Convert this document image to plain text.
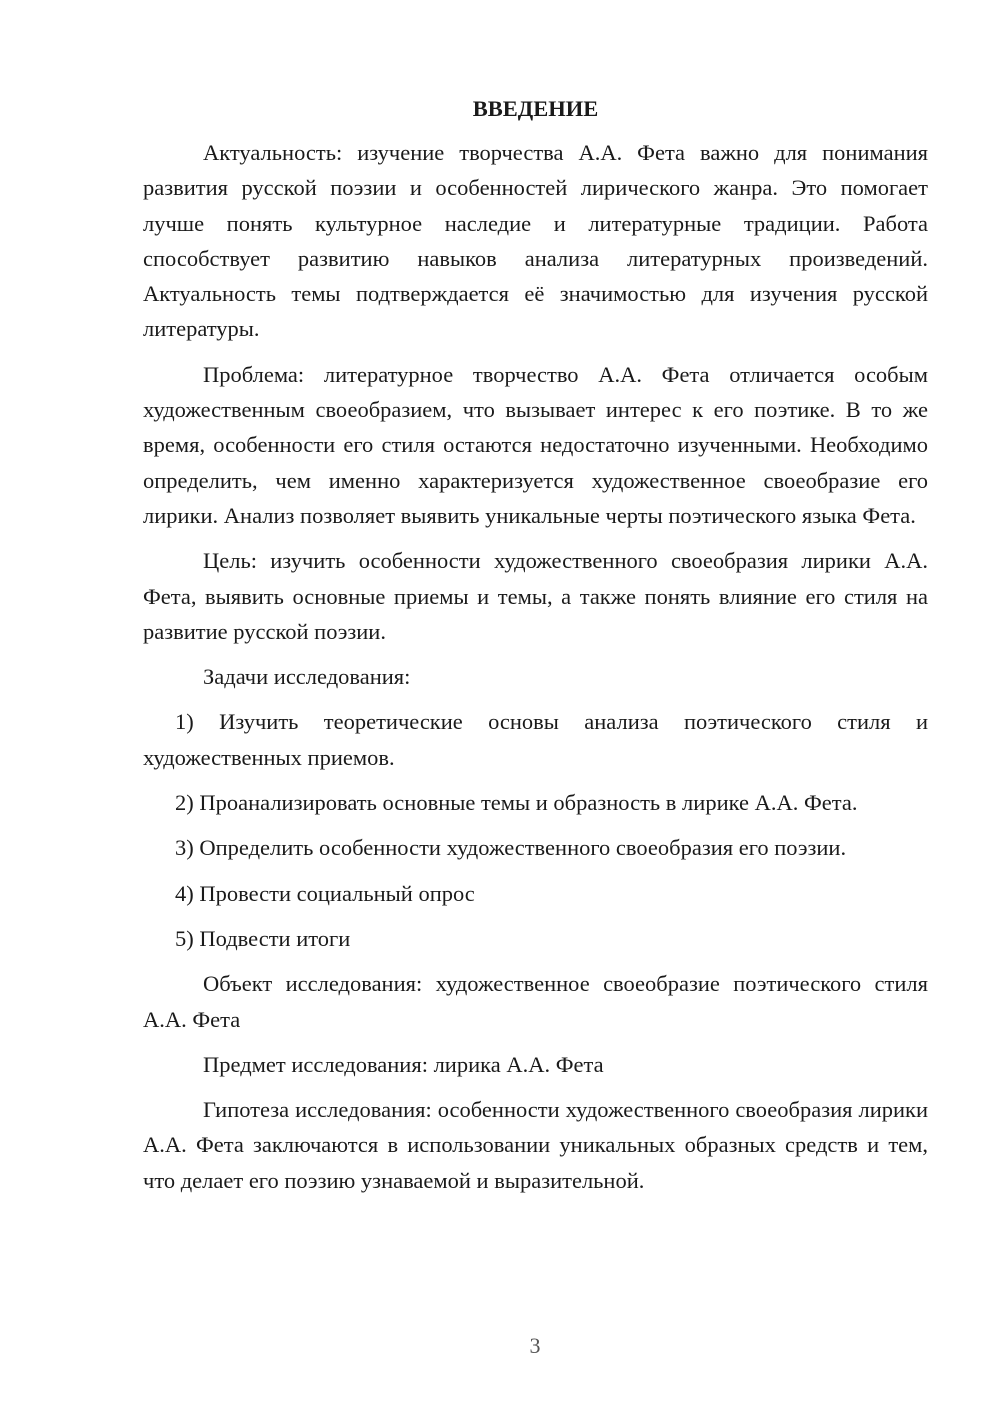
ВВЕДЕНИЕ

Актуальность: изучение творчества А.А. Фета важно для понимания развития русской поэзии и особенностей лирического жанра. Это помогает лучше понять культурное наследие и литературные традиции. Работа способствует развитию навыков анализа литературных произведений. Актуальность темы подтверждается её значимостью для изучения русской литературы.

Проблема: литературное творчество А.А. Фета отличается особым художественным своеобразием, что вызывает интерес к его поэтике. В то же время, особенности его стиля остаются недостаточно изученными. Необходимо определить, чем именно характеризуется художественное своеобразие его лирики. Анализ позволяет выявить уникальные черты поэтического языка Фета.

Цель: изучить особенности художественного своеобразия лирики А.А. Фета, выявить основные приемы и темы, а также понять влияние его стиля на развитие русской поэзии.

Задачи исследования:

1) Изучить теоретические основы анализа поэтического стиля и художественных приемов.

2) Проанализировать основные темы и образность в лирике А.А. Фета.

3) Определить особенности художественного своеобразия его поэзии.

4) Провести социальный опрос

5) Подвести итоги

Объект исследования: художественное своеобразие поэтического стиля А.А. Фета

Предмет исследования: лирика А.А. Фета

Гипотеза исследования: особенности художественного своеобразия лирики А.А. Фета заключаются в использовании уникальных образных средств и тем, что делает его поэзию узнаваемой и выразительной.

3
